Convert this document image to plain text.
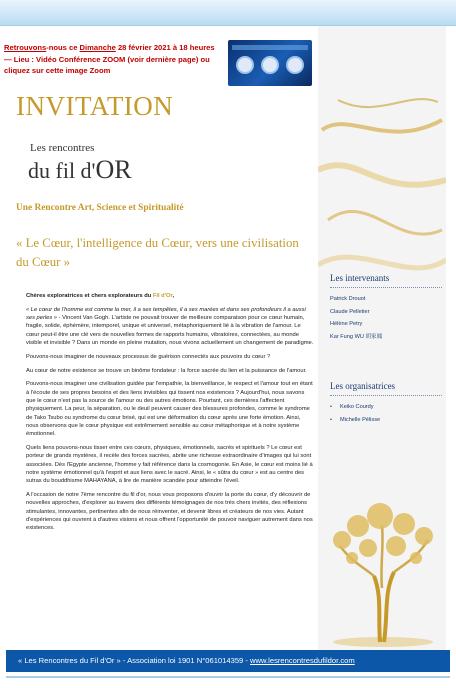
Retrouvons-nous ce Dimanche 28 février 2021 à 18 heures— Lieu : Vidéo Conférence ZOOM (voir dernière page) ou cliquez sur cette image Zoom
INVITATION
Les rencontres
du fil d'OR
Une Rencontre Art, Science et Spiritualité
« Le Cœur, l'intelligence du Cœur, vers une civilisation du Cœur »

Chères exploratrices et chers explorateurs du Fil d'Or,

« Le cœur de l'homme est comme la mer, il a ses tempêtes, il a ses marées et dans ses profondeurs il a aussi ses perles » - Vincent Van Gogh. L'artiste ne pouvait trouver de meilleure comparaison pour ce cœur humain, fragile, solide, éphémère, intemporel, unique et universel, métaphoriquement lié à la vibration de l'amour. Le cœur peut-il être une clé vers de nouvelles formes de rapports humains, vibratoires, connectées, au monde visible et invisible ? Dans un monde en pleine mutation, nous vivons actuellement un changement de paradigme.

Pouvons-nous imaginer de nouveaux processus de guérison connectés aux pouvoirs du cœur ?

Au cœur de notre existence se trouve un binôme fondateur : la force sacrée du lien et la puissance de l'amour.

Pouvons-nous imaginer une civilisation guidée par l'empathie, la bienveillance, le respect et l'amour tout en étant à l'écoute de ses propres besoins et des liens invisibles qui tissent nos existences ? Aujourd'hui, nous savons que le cœur n'est pas la source de l'amour ou des autres émotions. Pourtant, ces dernières l'affectent physiquement. La peur, la séparation, ou le deuil peuvent causer des blessures profondes, comme le syndrome de Tako Tsubo ou syndrome du cœur brisé, qui est une déformation du cœur après une forte émotion. Ainsi, nous observons que le cœur physique est extrêmement sensible au cœur métaphorique et à notre système émotionnel.

Quels liens pouvons-nous tisser entre ces cœurs, physiques, émotionnels, sacrés et spirituels ? Le cœur est porteur de grands mystères, il recèle des forces sacrées, abrite une richesse extraordinaire d'images qui lui sont associées. Dès l'Egypte ancienne, l'homme y fait référence dans la cosmogonie. En Asie, le cœur est moins lié à notre système émotionnel qu'à l'esprit et aux liens avec le sacré. Ainsi, le « sûtra du cœur » est au centre des sutras du bouddhisme MAHAYANA, à lire de manière scandée pour atteindre l'éveil.

A l'occasion de notre 7ème rencontre du fil d'or, nous vous proposons d'ouvrir la porte du cœur, d'y découvrir de nouvelles approches, d'explorer au travers des différents témoignages de nos très chers invités, des réflexions stimulantes, innovantes, pertinentes afin de nous réinventer, et devenir libres et créateurs de nos vies. Autant d'expériences qui ouvrent à d'autres visions et nous offrent l'opportunité de pouvoir naviguer autrement dans nos existences.

Les intervenants
Patrick Drouot
Claude Pelletier
Hélène Petry
Kar Fung WU 胡家鳳
Les organisatrices
• Keiko Courdy
• Michelle Pélisse
« Les Rencontres du Fil d'Or » - Association loi 1901 N°061014359 - www.lesrencontresdufildor.com
